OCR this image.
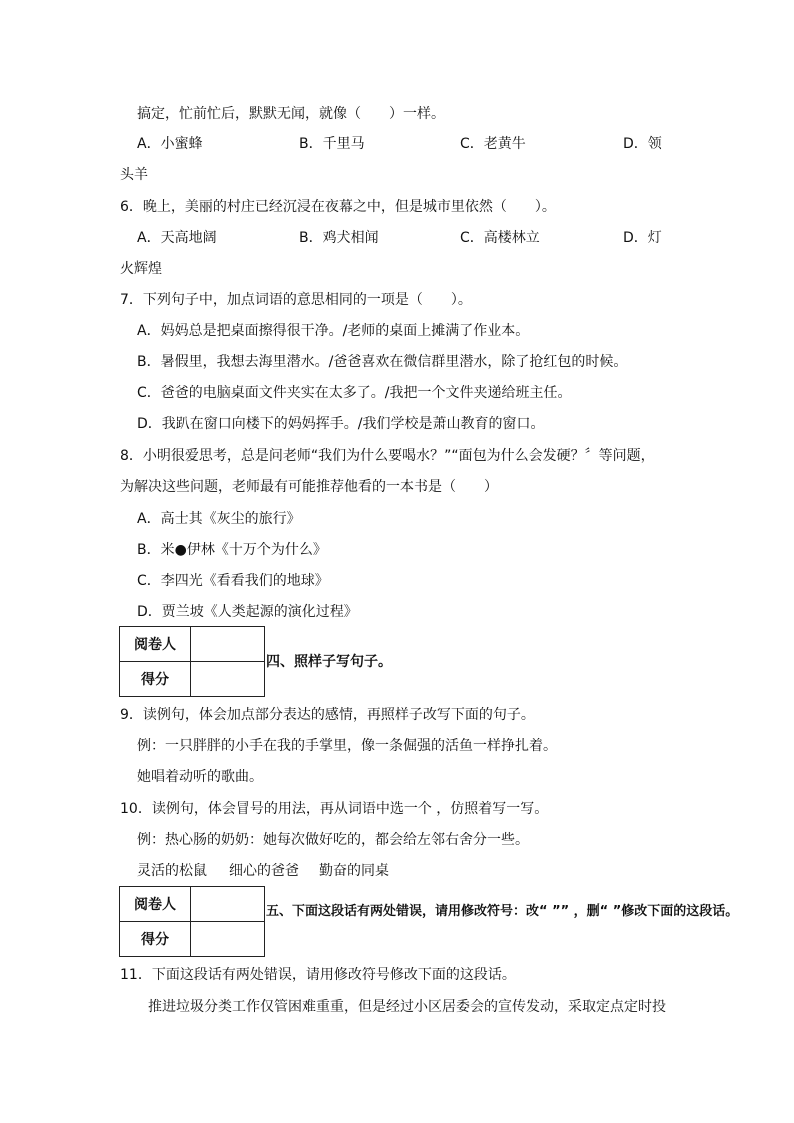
搞定，忙前忙后，默默无闻，就像（　　）一样。
A．小蜜蜂	B．千里马	C．老黄牛	D．领
头羊
6．晚上，美丽的村庄已经沉浸在夜幕之中，但是城市里依然（　　）。
A．天高地阔	B．鸡犬相闻	C．高楼林立	D．灯
火辉煌
7．下列句子中，加点词语的意思相同的一项是（　　）。
A．妈妈总是把桌面擦得很干净。/老师的桌面上摊满了作业本。
B．暑假里，我想去海里潜水。/爸爸喜欢在微信群里潜水，除了抢红包的时候。
C．爸爸的电脑桌面文件夹实在太多了。/我把一个文件夹递给班主任。
D．我趴在窗口向楼下的妈妈挥手。/我们学校是萧山教育的窗口。
8．小明很爱思考，总是问老师“我们为什么要喝水？”“面包为什么会发硬？〞等问题，
为解决这些问题，老师最有可能推荐他看的一本书是（　　）
A．高士其《灰尘的旅行》
B．米●伊林《十万个为什么》
C．李四光《看看我们的地球》
D．贾兰坡《人类起源的演化过程》
阅卷人	
得分	
四、照样子写句子。
9．读例句，体会加点部分表达的感情，再照样子改写下面的句子。
例：一只胖胖的小手在我的手掌里，像一条倔强的活鱼一样挣扎着。
她唱着动听的歌曲。
10．读例句，体会冒号的用法，再从词语中选一个 ，仿照着写一写。
例：热心肠的奶奶：她每次做好吃的，都会给左邻右舍分一些。
灵活的松鼠 细心的爸爸 勤奋的同桌
阅卷人	
得分	
五、下面这段话有两处错误，请用修改符号：改“ ”” ，删“ ”修改下面的这段话。
11．下面这段话有两处错误，请用修改符号修改下面的这段话。
推进垃圾分类工作仅管困难重重，但是经过小区居委会的宣传发动，采取定点定时投
